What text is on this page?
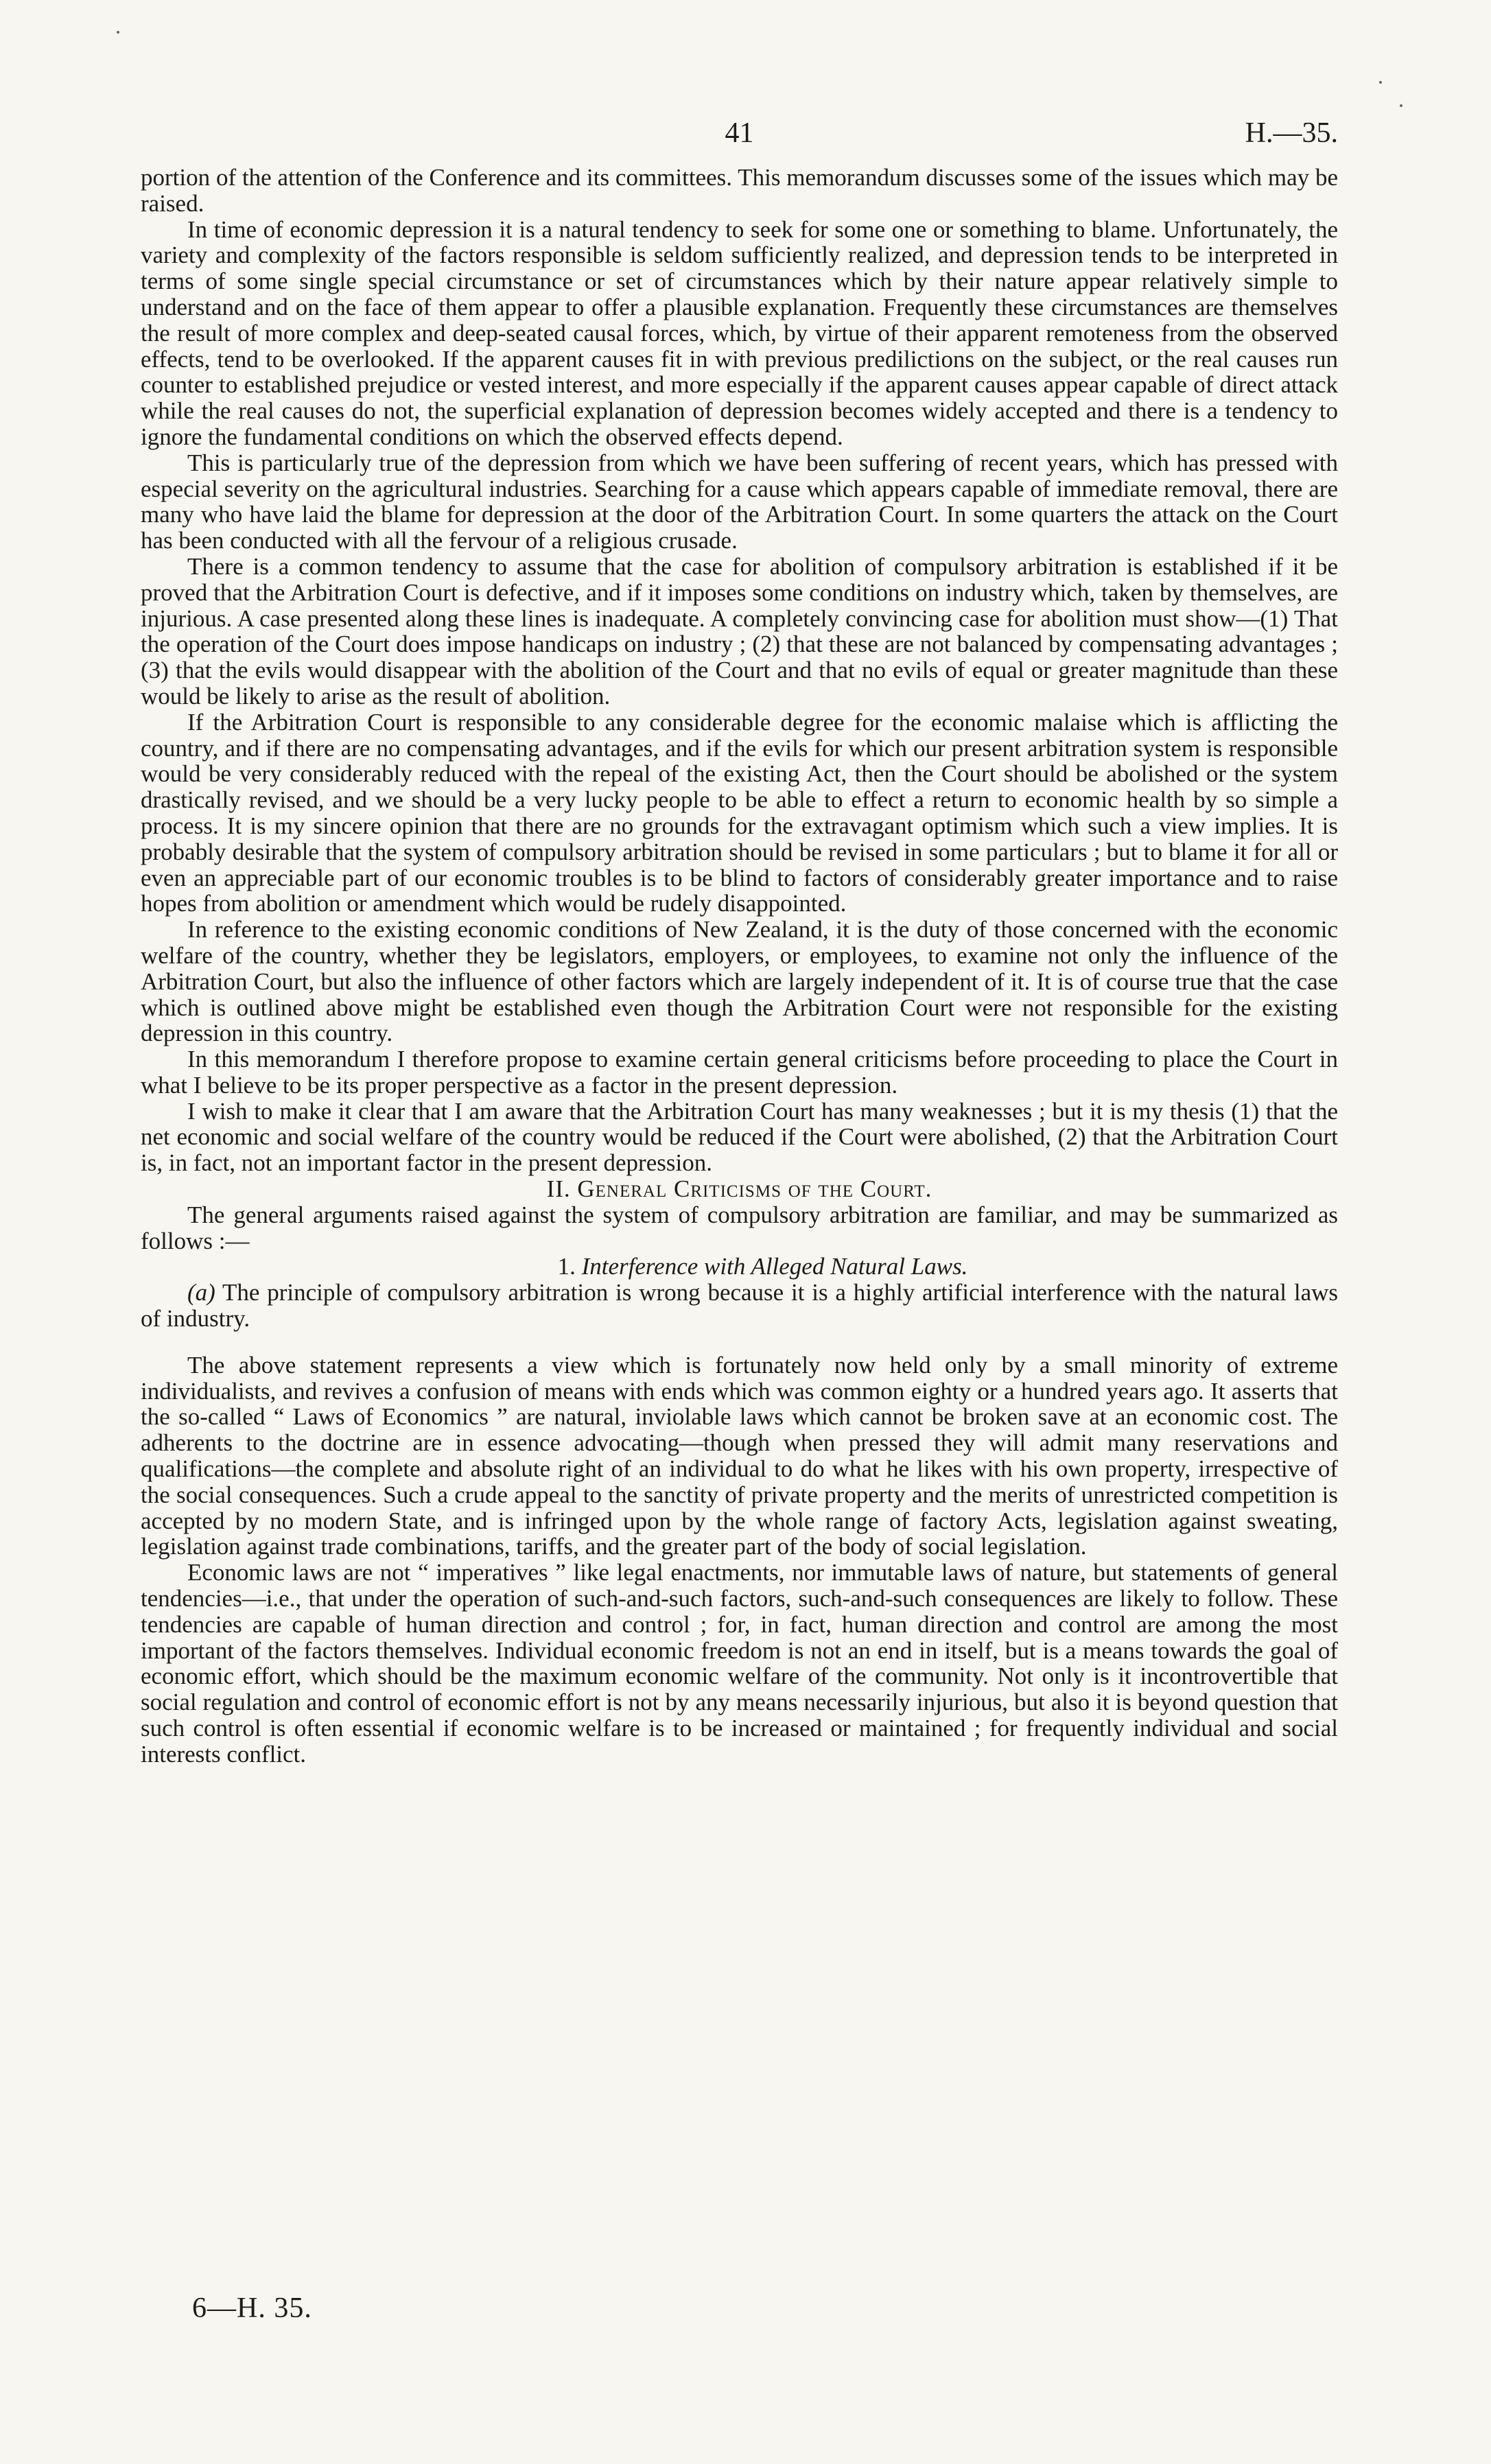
41	H.—35.

portion of the attention of the Conference and its committees. This memorandum discusses some of the issues which may be raised.

In time of economic depression it is a natural tendency to seek for some one or something to blame. Unfortunately, the variety and complexity of the factors responsible is seldom sufficiently realized, and depression tends to be interpreted in terms of some single special circumstance or set of circumstances which by their nature appear relatively simple to understand and on the face of them appear to offer a plausible explanation. Frequently these circumstances are themselves the result of more complex and deep-seated causal forces, which, by virtue of their apparent remoteness from the observed effects, tend to be overlooked. If the apparent causes fit in with previous predilictions on the subject, or the real causes run counter to established prejudice or vested interest, and more especially if the apparent causes appear capable of direct attack while the real causes do not, the superficial explanation of depression becomes widely accepted and there is a tendency to ignore the fundamental conditions on which the observed effects depend.

This is particularly true of the depression from which we have been suffering of recent years, which has pressed with especial severity on the agricultural industries. Searching for a cause which appears capable of immediate removal, there are many who have laid the blame for depression at the door of the Arbitration Court. In some quarters the attack on the Court has been conducted with all the fervour of a religious crusade.

There is a common tendency to assume that the case for abolition of compulsory arbitration is established if it be proved that the Arbitration Court is defective, and if it imposes some conditions on industry which, taken by themselves, are injurious. A case presented along these lines is inadequate. A completely convincing case for abolition must show—(1) That the operation of the Court does impose handicaps on industry ; (2) that these are not balanced by compensating advantages ; (3) that the evils would disappear with the abolition of the Court and that no evils of equal or greater magnitude than these would be likely to arise as the result of abolition.

If the Arbitration Court is responsible to any considerable degree for the economic malaise which is afflicting the country, and if there are no compensating advantages, and if the evils for which our present arbitration system is responsible would be very considerably reduced with the repeal of the existing Act, then the Court should be abolished or the system drastically revised, and we should be a very lucky people to be able to effect a return to economic health by so simple a process. It is my sincere opinion that there are no grounds for the extravagant optimism which such a view implies. It is probably desirable that the system of compulsory arbitration should be revised in some particulars ; but to blame it for all or even an appreciable part of our economic troubles is to be blind to factors of considerably greater importance and to raise hopes from abolition or amendment which would be rudely disappointed.

In reference to the existing economic conditions of New Zealand, it is the duty of those concerned with the economic welfare of the country, whether they be legislators, employers, or employees, to examine not only the influence of the Arbitration Court, but also the influence of other factors which are largely independent of it. It is of course true that the case which is outlined above might be established even though the Arbitration Court were not responsible for the existing depression in this country.

In this memorandum I therefore propose to examine certain general criticisms before proceeding to place the Court in what I believe to be its proper perspective as a factor in the present depression.

I wish to make it clear that I am aware that the Arbitration Court has many weaknesses ; but it is my thesis (1) that the net economic and social welfare of the country would be reduced if the Court were abolished, (2) that the Arbitration Court is, in fact, not an important factor in the present depression.

II. General Criticisms of the Court.

The general arguments raised against the system of compulsory arbitration are familiar, and may be summarized as follows :—

1. Interference with Alleged Natural Laws.

(a) The principle of compulsory arbitration is wrong because it is a highly artificial interference with the natural laws of industry.

The above statement represents a view which is fortunately now held only by a small minority of extreme individualists, and revives a confusion of means with ends which was common eighty or a hundred years ago. It asserts that the so-called “ Laws of Economics ” are natural, inviolable laws which cannot be broken save at an economic cost. The adherents to the doctrine are in essence advocating—though when pressed they will admit many reservations and qualifications—the complete and absolute right of an individual to do what he likes with his own property, irrespective of the social consequences. Such a crude appeal to the sanctity of private property and the merits of unrestricted competition is accepted by no modern State, and is infringed upon by the whole range of factory Acts, legislation against sweating, legislation against trade combinations, tariffs, and the greater part of the body of social legislation.

Economic laws are not “ imperatives ” like legal enactments, nor immutable laws of nature, but statements of general tendencies—i.e., that under the operation of such-and-such factors, such-and-such consequences are likely to follow. These tendencies are capable of human direction and control ; for, in fact, human direction and control are among the most important of the factors themselves. Individual economic freedom is not an end in itself, but is a means towards the goal of economic effort, which should be the maximum economic welfare of the community. Not only is it incontrovertible that social regulation and control of economic effort is not by any means necessarily injurious, but also it is beyond question that such control is often essential if economic welfare is to be increased or maintained ; for frequently individual and social interests conflict.

6—H. 35.
